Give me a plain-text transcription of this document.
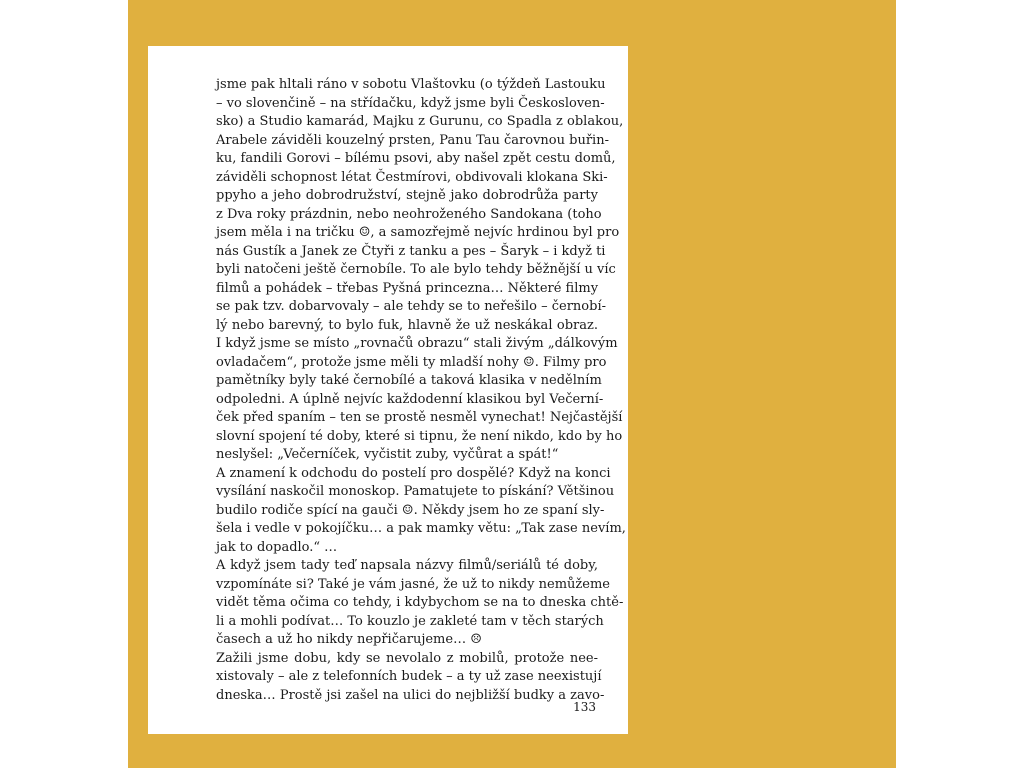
jsme pak hltali ráno v sobotu Vlaštovku (o týždeň Lastouku
– vo slovenčině – na střídačku, když jsme byli Českosloven-
sko) a Studio kamarád, Majku z Gurunu, co Spadla z oblakou,
Arabele záviděli kouzelný prsten, Panu Tau čarovnou buřin-
ku, fandili Gorovi – bílému psovi, aby našel zpět cestu domů,
záviděli schopnost létat Čestmírovi, obdivovali klokana Ski-
ppyho a jeho dobrodružství, stejně jako dobrodrůža party
z Dva roky prázdnin, nebo neohroženého Sandokana (toho
jsem měla i na tričku ☺, a samozřejmě nejvíc hrdinou byl pro
nás Gustík a Janek ze Čtyři z tanku a pes – Šaryk – i když ti
byli natočeni ještě černobíle. To ale bylo tehdy běžnější u víc
filmů a pohádek – třebas Pyšná princezna… Některé filmy
se pak tzv. dobarvovaly – ale tehdy se to neřešilo – černobí-
lý nebo barevný, to bylo fuk, hlavně že už neskákal obraz.
I když jsme se místo „rovnačů obrazu“ stali živým „dálkovým
ovladačem“, protože jsme měli ty mladší nohy ☺. Filmy pro
pamětníky byly také černobílé a taková klasika v nedělním
odpoledni. A úplně nejvíc každodenní klasikou byl Večerní-
ček před spaním – ten se prostě nesměl vynechat! Nejčastější
slovní spojení té doby, které si tipnu, že není nikdo, kdo by ho
neslyšel: „Večerníček, vyčistit zuby, vyčůrat a spát!“
A znamení k odchodu do postelí pro dospělé? Když na konci
vysílání naskočil monoskop. Pamatujete to pískání? Většinou
budilo rodiče spící na gauči ☺. Někdy jsem ho ze spaní sly-
šela i vedle v pokojíčku… a pak mamky větu: „Tak zase nevím,
jak to dopadlo.“ …
A když jsem tady teď napsala názvy filmů/seriálů té doby,
vzpomínáte si? Také je vám jasné, že už to nikdy nemůžeme
vidět těma očima co tehdy, i kdybychom se na to dneska chtě-
li a mohli podívat… To kouzlo je zakleté tam v těch starých
časech a už ho nikdy nepřičarujeme… ☹
Zažili jsme dobu, kdy se nevolalo z mobilů, protože nee-
xistovaly – ale z telefonních budek – a ty už zase neexistují
dneska… Prostě jsi zašel na ulici do nejbližší budky a zavo-
133
